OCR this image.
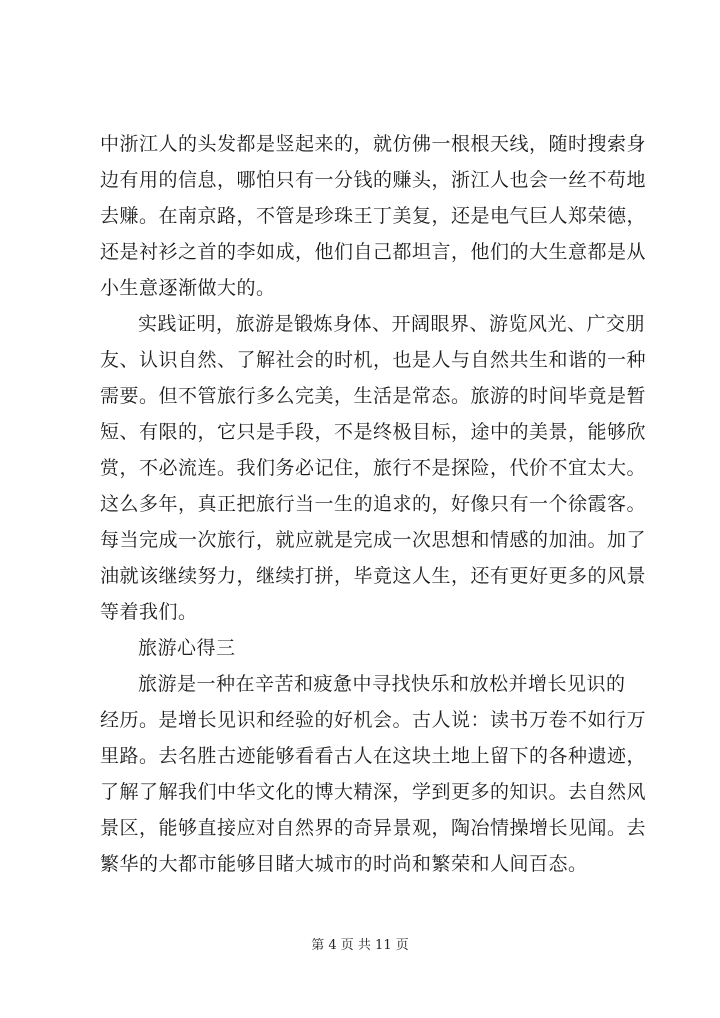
中浙江人的头发都是竖起来的，就仿佛一根根天线，随时搜索身
边有用的信息，哪怕只有一分钱的赚头，浙江人也会一丝不苟地
去赚。在南京路，不管是珍珠王丁美复，还是电气巨人郑荣德，
还是衬衫之首的李如成，他们自己都坦言，他们的大生意都是从
小生意逐渐做大的。
实践证明，旅游是锻炼身体、开阔眼界、游览风光、广交朋
友、认识自然、了解社会的时机，也是人与自然共生和谐的一种
需要。但不管旅行多么完美，生活是常态。旅游的时间毕竟是暂
短、有限的，它只是手段，不是终极目标，途中的美景，能够欣
赏，不必流连。我们务必记住，旅行不是探险，代价不宜太大。
这么多年，真正把旅行当一生的追求的，好像只有一个徐霞客。
每当完成一次旅行，就应就是完成一次思想和情感的加油。加了
油就该继续努力，继续打拼，毕竟这人生，还有更好更多的风景
等着我们。
旅游心得三
旅游是一种在辛苦和疲惫中寻找快乐和放松并增长见识的
经历。是增长见识和经验的好机会。古人说：读书万卷不如行万
里路。去名胜古迹能够看看古人在这块土地上留下的各种遗迹，
了解了解我们中华文化的博大精深，学到更多的知识。去自然风
景区，能够直接应对自然界的奇异景观，陶冶情操增长见闻。去
繁华的大都市能够目睹大城市的时尚和繁荣和人间百态。
第 4 页 共 11 页
